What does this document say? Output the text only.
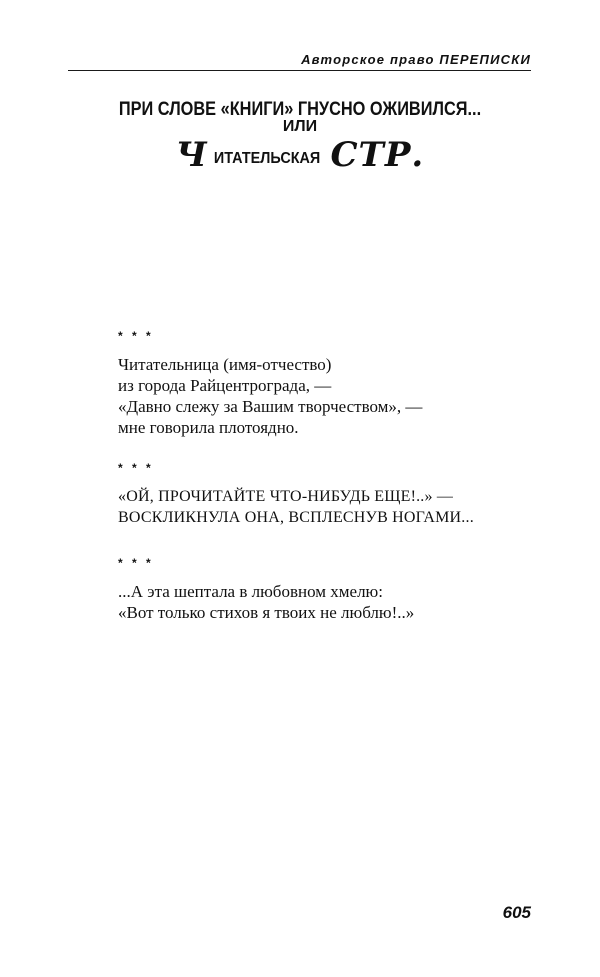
Авторское право ПЕРЕПИСКИ
ПРИ СЛОВЕ «КНИГИ» ГНУСНО ОЖИВИЛСЯ...
ИЛИ
Ч ИТАТЕЛЬСКАЯ СТР.
* * *
Читательница (имя-отчество)
из города Райцентрограда, —
«Давно слежу за Вашим творчеством», —
мне говорила плотоядно.
* * *
«ОЙ, ПРОЧИТАЙТЕ ЧТО-НИБУДЬ ЕЩЕ!..» —
ВОСКЛИКНУЛА ОНА, ВСПЛЕСНУВ НОГАМИ...
* * *
...А эта шептала в любовном хмелю:
«Вот только стихов я твоих не люблю!..»
605
